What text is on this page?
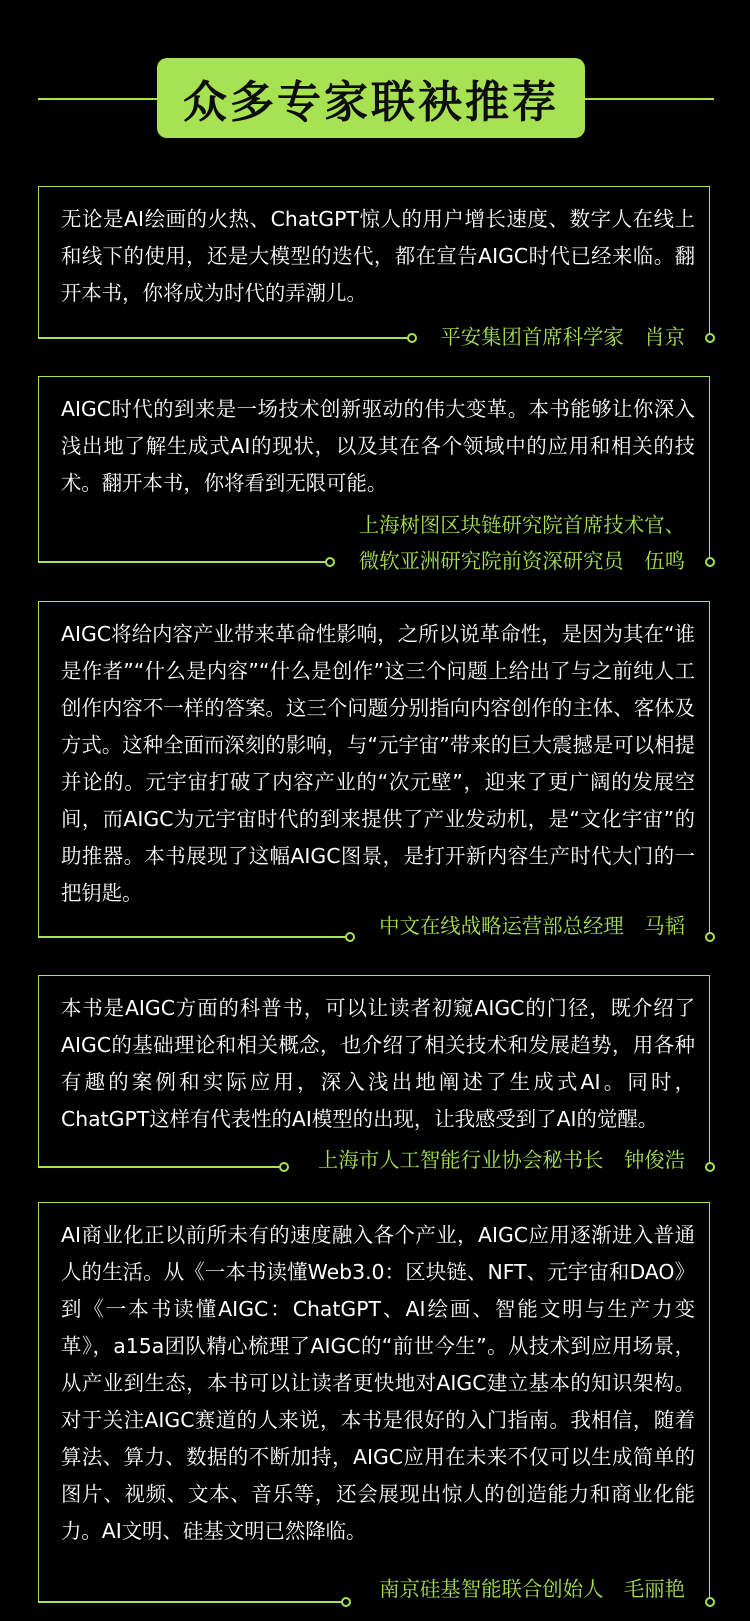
众多专家联袂推荐
无论是AI绘画的火热、ChatGPT惊人的用户增长速度、数字人在线上和线下的使用，还是大模型的迭代，都在宣告AIGC时代已经来临。翻开本书，你将成为时代的弄潮儿。
平安集团首席科学家　肖京
AIGC时代的到来是一场技术创新驱动的伟大变革。本书能够让你深入浅出地了解生成式AI的现状，以及其在各个领域中的应用和相关的技术。翻开本书，你将看到无限可能。
上海树图区块链研究院首席技术官、
微软亚洲研究院前资深研究员　伍鸣
AIGC将给内容产业带来革命性影响，之所以说革命性，是因为其在“谁是作者”“什么是内容”“什么是创作”这三个问题上给出了与之前纯人工创作内容不一样的答案。这三个问题分别指向内容创作的主体、客体及方式。这种全面而深刻的影响，与“元宇宙”带来的巨大震撼是可以相提并论的。元宇宙打破了内容产业的“次元壁”，迎来了更广阔的发展空间，而AIGC为元宇宙时代的到来提供了产业发动机，是“文化宇宙”的助推器。本书展现了这幅AIGC图景，是打开新内容生产时代大门的一把钥匙。
中文在线战略运营部总经理　马韬
本书是AIGC方面的科普书，可以让读者初窥AIGC的门径，既介绍了AIGC的基础理论和相关概念，也介绍了相关技术和发展趋势，用各种有趣的案例和实际应用，深入浅出地阐述了生成式AI。同时，ChatGPT这样有代表性的AI模型的出现，让我感受到了AI的觉醒。
上海市人工智能行业协会秘书长　钟俊浩
AI商业化正以前所未有的速度融入各个产业，AIGC应用逐渐进入普通人的生活。从《一本书读懂Web3.0：区块链、NFT、元宇宙和DAO》到《一本书读懂AIGC：ChatGPT、AI绘画、智能文明与生产力变革》，a15a团队精心梳理了AIGC的“前世今生”。从技术到应用场景，从产业到生态，本书可以让读者更快地对AIGC建立基本的知识架构。对于关注AIGC赛道的人来说，本书是很好的入门指南。我相信，随着算法、算力、数据的不断加持，AIGC应用在未来不仅可以生成简单的图片、视频、文本、音乐等，还会展现出惊人的创造能力和商业化能力。AI文明、硅基文明已然降临。
南京硅基智能联合创始人　毛丽艳
